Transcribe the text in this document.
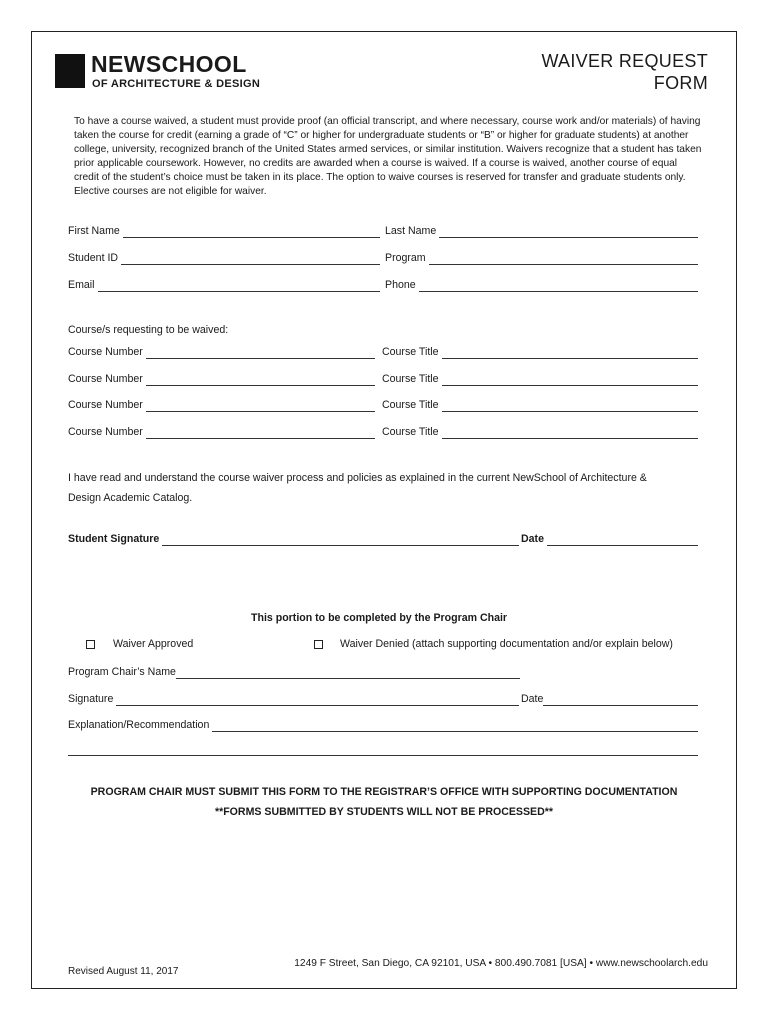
NEWSCHOOL
OF ARCHITECTURE & DESIGN
WAIVER REQUEST
FORM

To have a course waived, a student must provide proof (an official transcript, and where necessary, course work and/or materials) of having taken the course for credit (earning a grade of “C” or higher for undergraduate students or “B” or higher for graduate students) at another college, university, recognized branch of the United States armed services, or similar institution. Waivers recognize that a student has taken prior applicable coursework. However, no credits are awarded when a course is waived. If a course is waived, another course of equal credit of the student’s choice must be taken in its place. The option to waive courses is reserved for transfer and graduate students only. Elective courses are not eligible for waiver.

First Name	Last Name
Student ID	Program
Email	Phone
Course/s requesting to be waived:
Course Number	Course Title
Course Number	Course Title
Course Number	Course Title
Course Number	Course Title
I have read and understand the course waiver process and policies as explained in the current NewSchool of Architecture &
Design Academic Catalog.
Student Signature	Date
This portion to be completed by the Program Chair
Waiver Approved	Waiver Denied (attach supporting documentation and/or explain below)
Program Chair’s Name
Signature	Date
Explanation/Recommendation
PROGRAM CHAIR MUST SUBMIT THIS FORM TO THE REGISTRAR’S OFFICE WITH SUPPORTING DOCUMENTATION
**FORMS SUBMITTED BY STUDENTS WILL NOT BE PROCESSED**
Revised August 11, 2017
1249 F Street, San Diego, CA 92101, USA • 800.490.7081 [USA] • www.newschoolarch.edu
